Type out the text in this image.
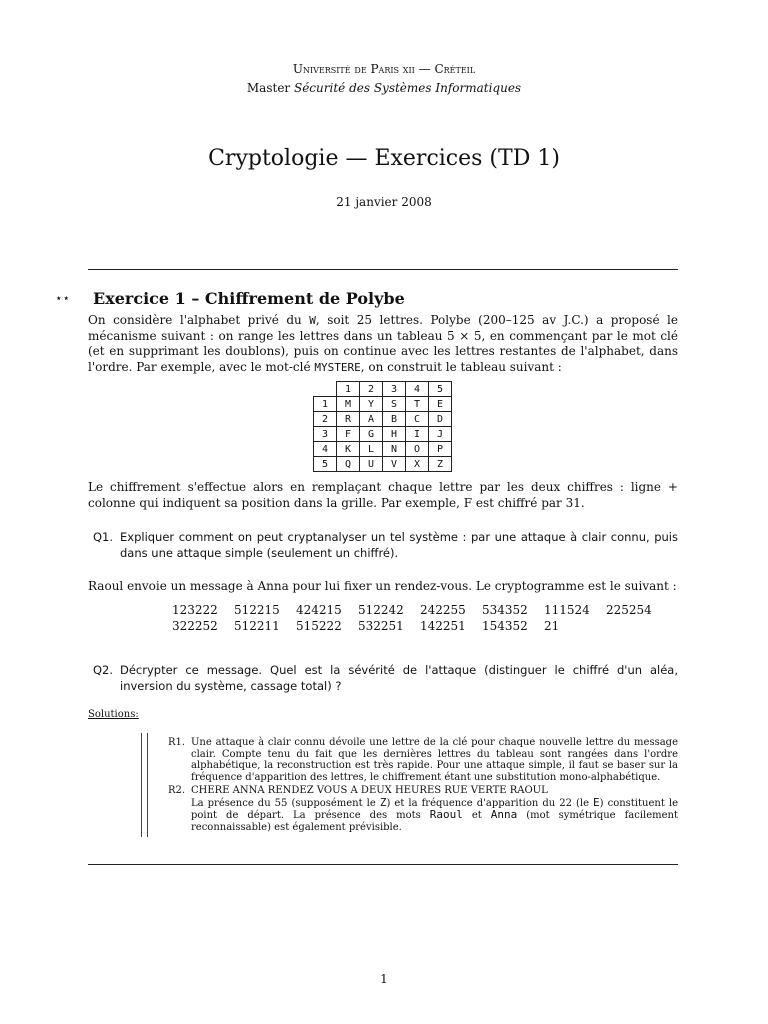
Université de Paris xii — Créteil
Master Sécurité des Systèmes Informatiques
Cryptologie — Exercices (TD 1)
21 janvier 2008
⋆⋆ Exercice 1 – Chiffrement de Polybe
On considère l'alphabet privé du W, soit 25 lettres. Polybe (200–125 av J.C.) a proposé le mécanisme suivant : on range les lettres dans un tableau 5 × 5, en commençant par le mot clé (et en supprimant les doublons), puis on continue avec les lettres restantes de l'alphabet, dans l'ordre. Par exemple, avec le mot-clé MYSTERE, on construit le tableau suivant :
	1	2	3	4	5
1	M	Y	S	T	E
2	R	A	B	C	D
3	F	G	H	I	J
4	K	L	N	O	P
5	Q	U	V	X	Z
Le chiffrement s'effectue alors en remplaçant chaque lettre par les deux chiffres : ligne + colonne qui indiquent sa position dans la grille. Par exemple, F est chiffré par 31.
Q1. Expliquer comment on peut cryptanalyser un tel système : par une attaque à clair connu, puis dans une attaque simple (seulement un chiffré).
Raoul envoie un message à Anna pour lui fixer un rendez-vous. Le cryptogramme est le suivant :
123222 512215 424215 512242 242255 534352 111524 225254
322252 512211 515222 532251 142251 154352 21
Q2. Décrypter ce message. Quel est la sévérité de l'attaque (distinguer le chiffré d'un aléa, inversion du système, cassage total) ?
Solutions:
R1. Une attaque à clair connu dévoile une lettre de la clé pour chaque nouvelle lettre du message clair. Compte tenu du fait que les dernières lettres du tableau sont rangées dans l'ordre alphabétique, la reconstruction est très rapide. Pour une attaque simple, il faut se baser sur la fréquence d'apparition des lettres, le chiffrement étant une substitution mono-alphabétique.
R2. CHERE ANNA RENDEZ VOUS A DEUX HEURES RUE VERTE RAOUL
La présence du 55 (supposément le Z) et la fréquence d'apparition du 22 (le E) constituent le point de départ. La présence des mots Raoul et Anna (mot symétrique facilement reconnaissable) est également prévisible.
1
